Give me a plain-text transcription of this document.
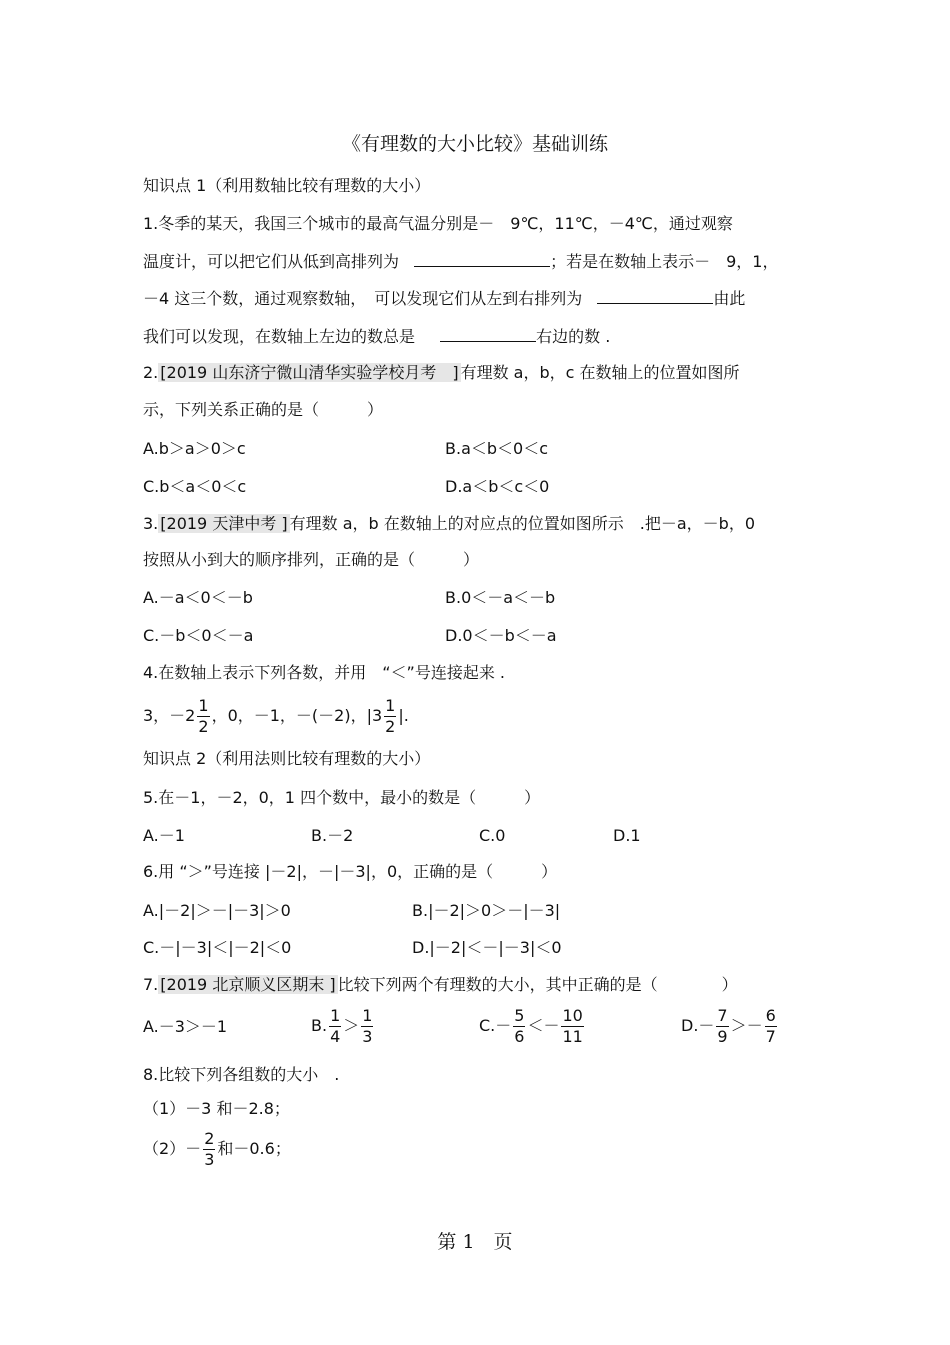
《有理数的大小比较》基础训练
知识点 1（利用数轴比较有理数的大小）
1.冬季的某天，我国三个城市的最高气温分别是－　9℃，11℃，－4℃，通过观察
温度计，可以把它们从低到高排列为	；若是在数轴上表示－　9，1，
－4 这三个数，通过观察数轴，　可以发现它们从左到右排列为	由此
我们可以发现，在数轴上左边的数总是	右边的数 .
2. [2019 山东济宁微山清华实验学校月考　] 有理数 a，b，c 在数轴上的位置如图所
示，下列关系正确的是（　　　）
A.b＞a＞0＞c	B.a＜b＜0＜c
C.b＜a＜0＜c	D.a＜b＜c＜0
3. [2019 天津中考 ] 有理数 a，b 在数轴上的对应点的位置如图所示　.把－a，－b，0
按照从小到大的顺序排列，正确的是（　　　）
A.－a＜0＜－b	B.0＜－a＜－b
C.－b＜0＜－a	D.0＜－b＜－a
4.在数轴上表示下列各数，并用　“＜”号连接起来 .
3，$-2 \frac{1}{2}$ ，0，－1，－(－2)，$|3 \frac{1}{2}$ |.
知识点 2（利用法则比较有理数的大小）
5.在－1，－2，0，1 四个数中，最小的数是（　　　）
A.－1	B.－2	C.0	D.1
6.用 “＞”号连接 |－2|，－|－3|，0，正确的是（　　　）
A.|－2|＞－|－3|＞0	B.|－2|＞0＞－|－3|
C.－|－3|＜|－2|＜0	D.|－2|＜－|－3|＜0
7. [2019 北京顺义区期末 ] 比较下列两个有理数的大小，其中正确的是（　　　　）
A.－3＞－1	B. $\frac{1}{4} > \frac{1}{3}$	$C.- \frac{5}{6} <- \frac{10}{11}$	$D.- \frac{7}{9} >- \frac{6}{7}$
8.比较下列各组数的大小　.
（1）－3 和－2.8；
$(2)- \frac{2}{3}$ 和－0.6；
第 1　页
